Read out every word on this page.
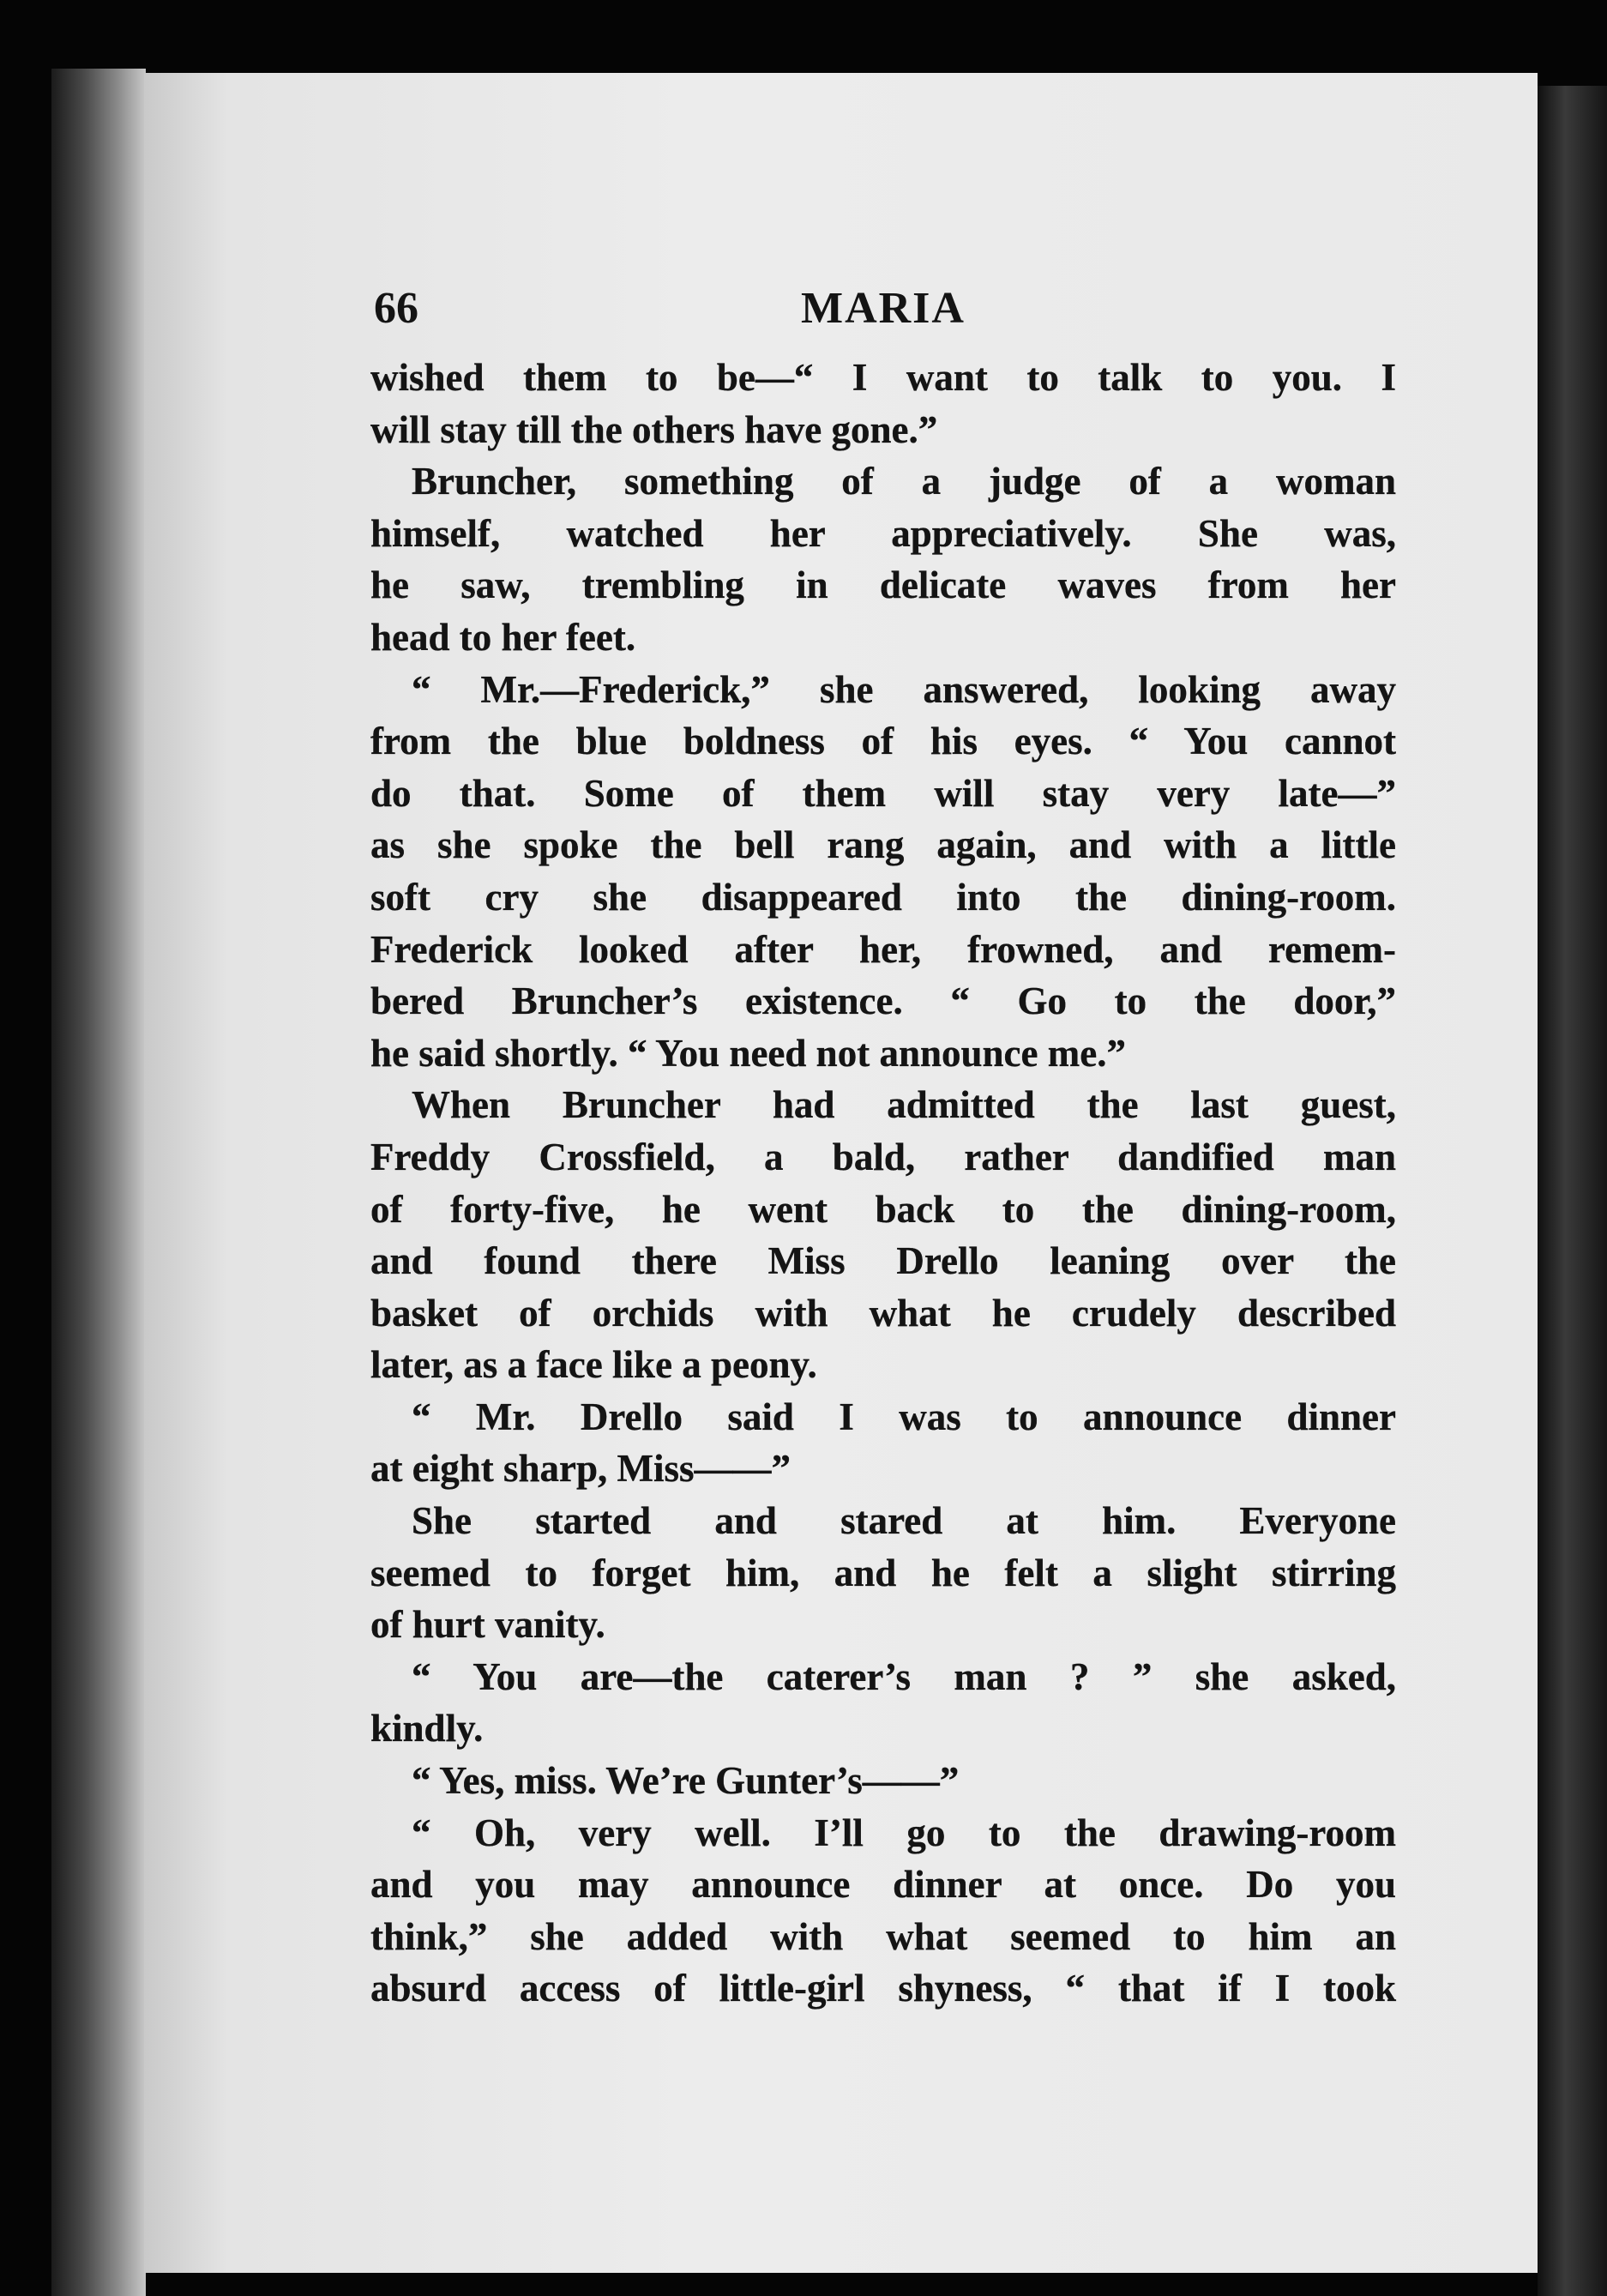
66	MARIA
wished them to be—“ I want to talk to you. I
will stay till the others have gone.”
Bruncher, something of a judge of a woman
himself, watched her appreciatively. She was,
he saw, trembling in delicate waves from her
head to her feet.
“ Mr.—Frederick,” she answered, looking away
from the blue boldness of his eyes. “ You cannot
do that. Some of them will stay very late—”
as she spoke the bell rang again, and with a little
soft cry she disappeared into the dining-room.
Frederick looked after her, frowned, and remem-
bered Bruncher’s existence. “ Go to the door,”
he said shortly. “ You need not announce me.”
When Bruncher had admitted the last guest,
Freddy Crossfield, a bald, rather dandified man
of forty-five, he went back to the dining-room,
and found there Miss Drello leaning over the
basket of orchids with what he crudely described
later, as a face like a peony.
“ Mr. Drello said I was to announce dinner
at eight sharp, Miss——”
She started and stared at him. Everyone
seemed to forget him, and he felt a slight stirring
of hurt vanity.
“ You are—the caterer’s man ? ” she asked,
kindly.
“ Yes, miss. We’re Gunter’s——”
“ Oh, very well. I’ll go to the drawing-room
and you may announce dinner at once. Do you
think,” she added with what seemed to him an
absurd access of little-girl shyness, “ that if I took
